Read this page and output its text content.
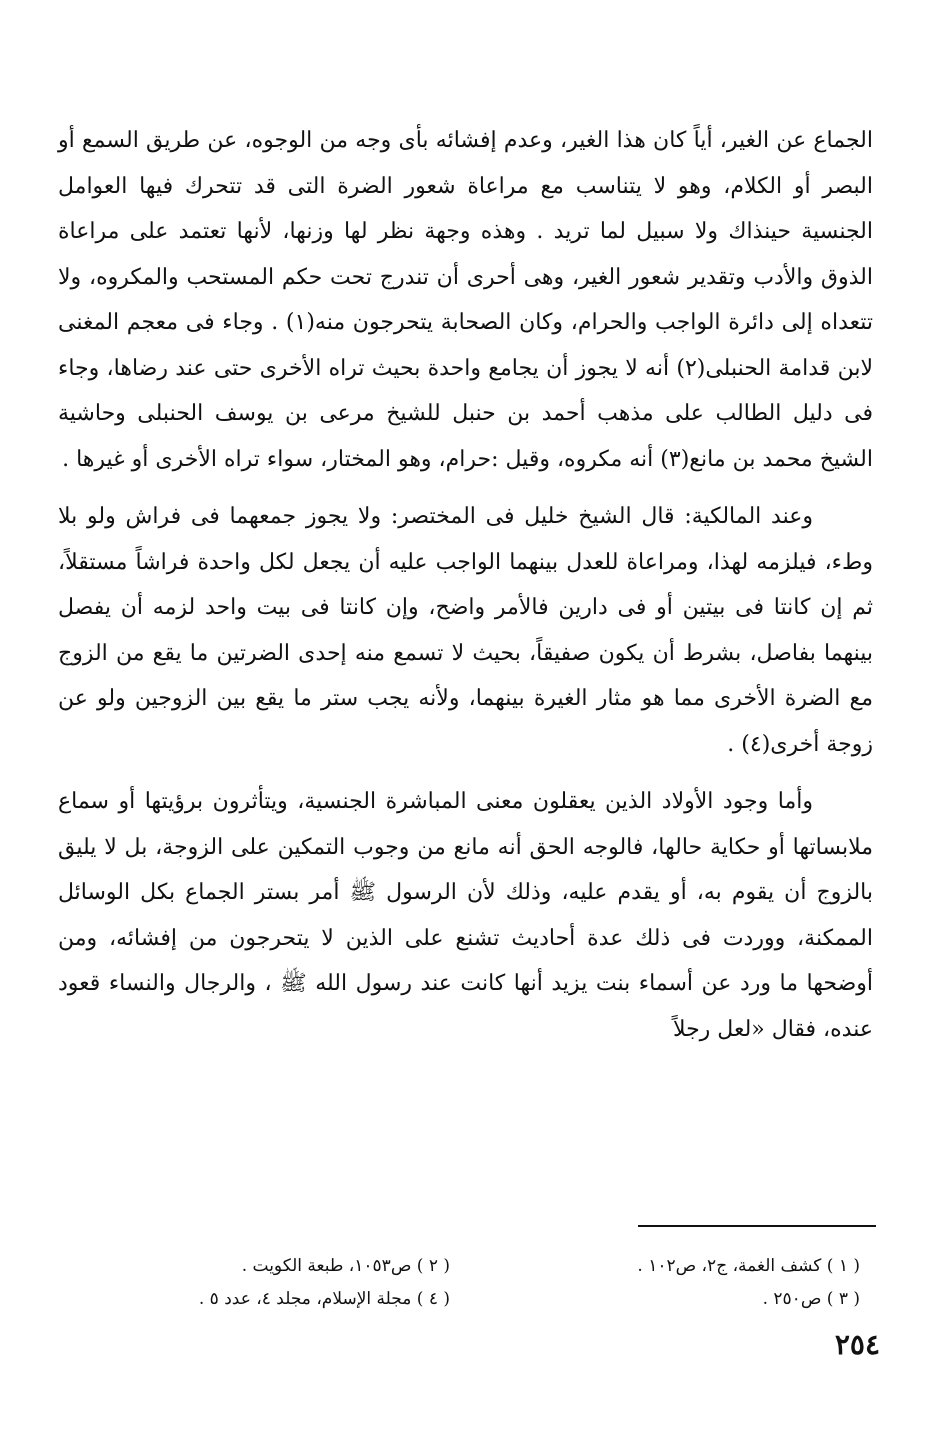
الجماع عن الغير، أياً كان هذا الغير، وعدم إفشائه بأى وجه من الوجوه، عن طريق السمع أو البصر أو الكلام، وهو لا يتناسب مع مراعاة شعور الضرة التى قد تتحرك فيها العوامل الجنسية حينذاك ولا سبيل لما تريد . وهذه وجهة نظر لها وزنها، لأنها تعتمد على مراعاة الذوق والأدب وتقدير شعور الغير، وهى أحرى أن تندرج تحت حكم المستحب والمكروه، ولا تتعداه إلى دائرة الواجب والحرام، وكان الصحابة يتحرجون منه(١) . وجاء فى معجم المغنى لابن قدامة الحنبلى(٢) أنه لا يجوز أن يجامع واحدة بحيث تراه الأخرى حتى عند رضاها، وجاء فى دليل الطالب على مذهب أحمد بن حنبل للشيخ مرعى بن يوسف الحنبلى وحاشية الشيخ محمد بن مانع(٣) أنه مكروه، وقيل :حرام، وهو المختار، سواء تراه الأخرى أو غيرها .

وعند المالكية: قال الشيخ خليل فى المختصر: ولا يجوز جمعهما فى فراش ولو بلا وطء، فيلزمه لهذا، ومراعاة للعدل بينهما الواجب عليه أن يجعل لكل واحدة فراشاً مستقلاً، ثم إن كانتا فى بيتين أو فى دارين فالأمر واضح، وإن كانتا فى بيت واحد لزمه أن يفصل بينهما بفاصل، بشرط أن يكون صفيقاً، بحيث لا تسمع منه إحدى الضرتين ما يقع من الزوج مع الضرة الأخرى مما هو مثار الغيرة بينهما، ولأنه يجب ستر ما يقع بين الزوجين ولو عن زوجة أخرى(٤) .

وأما وجود الأولاد الذين يعقلون معنى المباشرة الجنسية، ويتأثرون برؤيتها أو سماع ملابساتها أو حكاية حالها، فالوجه الحق أنه مانع من وجوب التمكين على الزوجة، بل لا يليق بالزوج أن يقوم به، أو يقدم عليه، وذلك لأن الرسول ﷺ أمر بستر الجماع بكل الوسائل الممكنة، ووردت فى ذلك عدة أحاديث تشنع على الذين لا يتحرجون من إفشائه، ومن أوضحها ما ورد عن أسماء بنت يزيد أنها كانت عند رسول الله ﷺ ، والرجال والنساء قعود عنده، فقال «لعل رجلاً

( ١ ) كشف الغمة، ج٢، ص١٠٢ .
( ٢ ) ص١٠٥٣، طبعة الكويت .
( ٣ ) ص٢٥٠ .
( ٤ ) مجلة الإسلام، مجلد ٤، عدد ٥ .
٢٥٤
